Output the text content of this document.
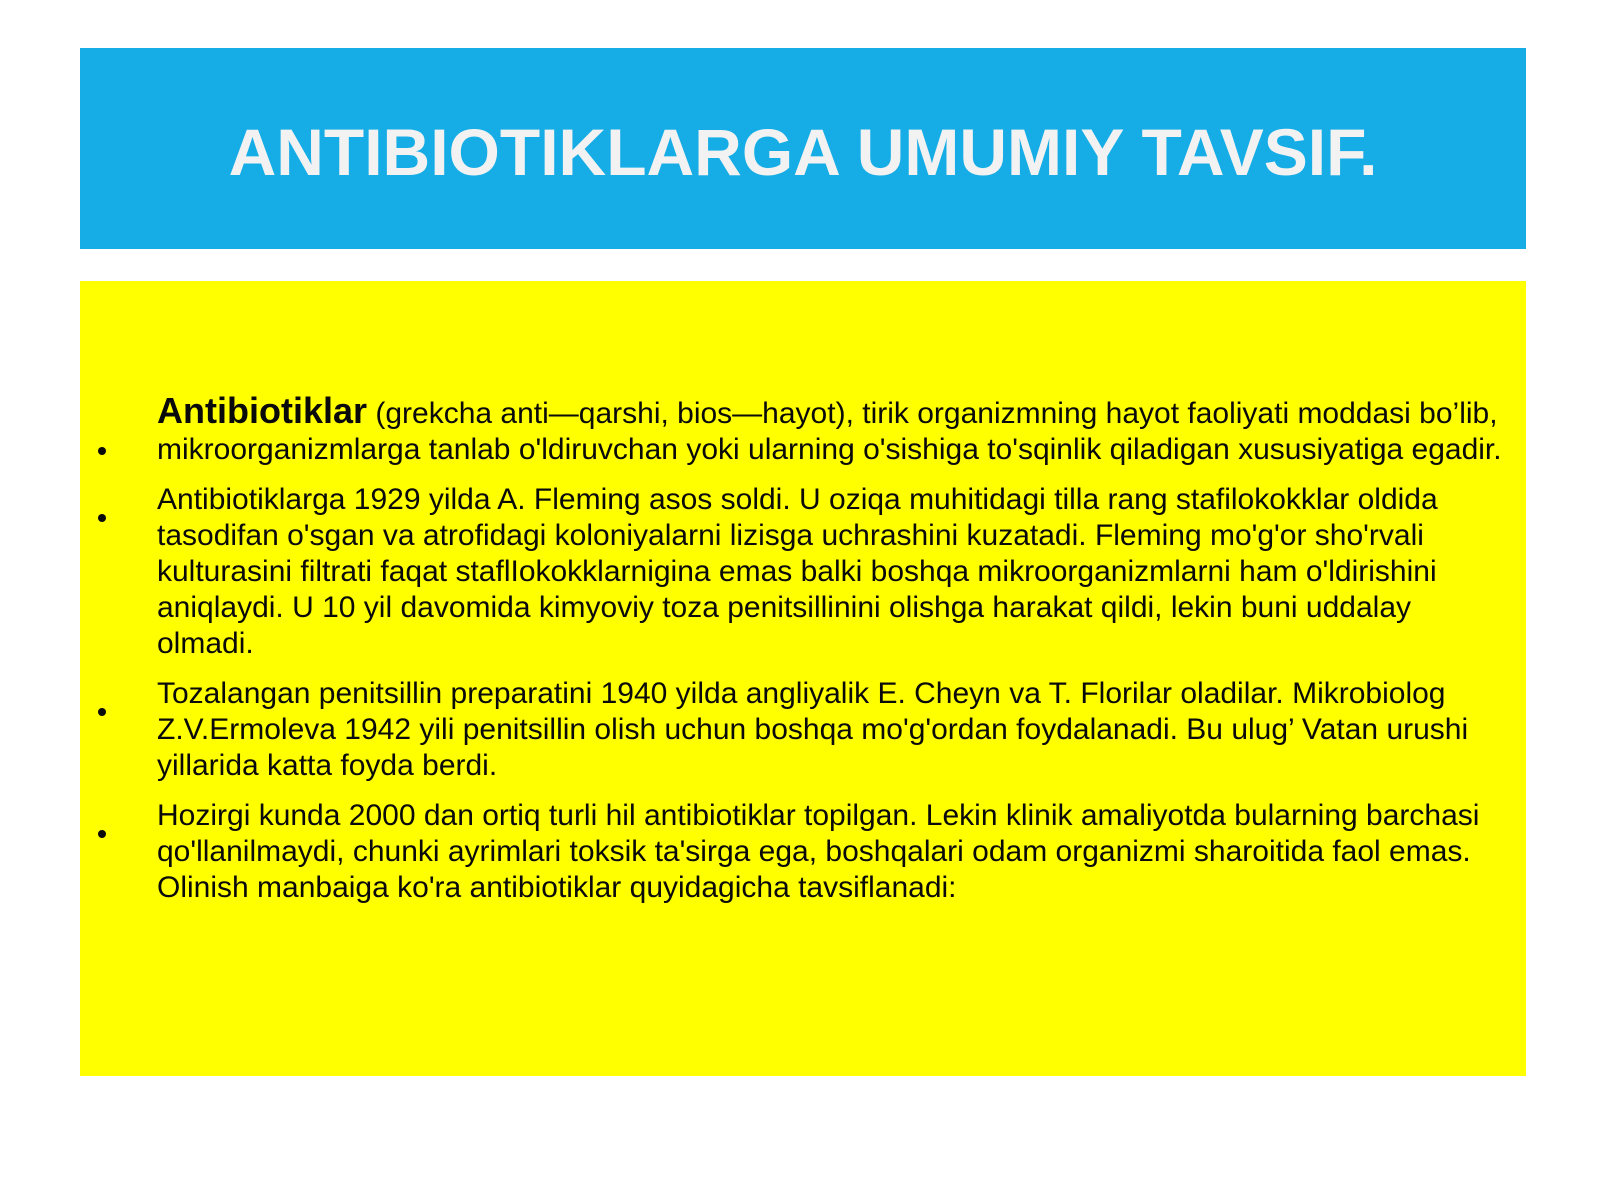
ANTIBIOTIKLARGA UMUMIY TAVSIF.
Antibiotiklar (grekcha anti—qarshi, bios—hayot), tirik organizmning hayot faoliyati moddasi bo’lib, mikroorganizmlarga tanlab o'ldiruvchan yoki ularning o'sishiga to'sqinlik qiladigan xususiyatiga egadir.
Antibiotiklarga 1929 yilda A. Fleming asos soldi. U oziqa muhitidagi tilla rang stafilokokklar oldida tasodifan o'sgan va atrofidagi koloniyalarni lizisga uchrashini kuzatadi. Fleming mo'g'or sho'rvali kulturasini filtrati faqat staflIokokklarnigina emas balki boshqa mikroorganizmlarni ham o'ldirishini aniqlaydi. U 10 yil davomida kimyoviy toza penitsillinini olishga harakat qildi, lekin buni uddalay olmadi.
Tozalangan penitsillin preparatini 1940 yilda angliyalik E. Cheyn va T. Florilar oladilar. Mikrobiolog Z.V.Ermoleva 1942 yili penitsillin olish uchun boshqa mo'g'ordan foydalanadi. Bu ulug’ Vatan urushi yillarida katta foyda berdi.
Hozirgi kunda 2000 dan ortiq turli hil antibiotiklar topilgan. Lekin klinik amaliyotda bularning barchasi qo'llanilmaydi, chunki ayrimlari toksik ta'sirga ega, boshqalari odam organizmi sharoitida faol emas. Olinish manbaiga ko'ra antibiotiklar quyidagicha tavsiflanadi:
